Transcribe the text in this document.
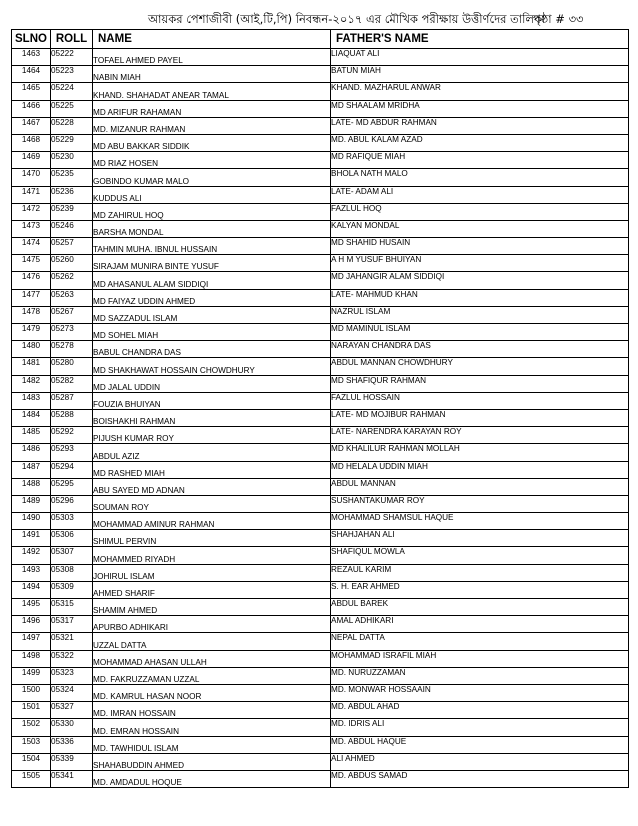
আয়কর পেশাজীবী (আই,টি,পি) নিবন্ধন-২০১৭ এর মৌখিক পরীক্ষায় উত্তীর্ণদের তালিকা
পৃষ্ঠা # ৩৩
SLNO	ROLL	NAME	FATHER'S NAME
1463	05222	TOFAEL AHMED PAYEL	LIAQUAT ALI
1464	05223	NABIN MIAH	BATUN MIAH
1465	05224	KHAND. SHAHADAT ANEAR TAMAL	KHAND. MAZHARUL ANWAR
1466	05225	MD ARIFUR RAHAMAN	MD SHAALAM MRIDHA
1467	05228	MD. MIZANUR RAHMAN	LATE- MD ABDUR RAHMAN
1468	05229	MD ABU BAKKAR SIDDIK	MD. ABUL KALAM AZAD
1469	05230	MD RIAZ HOSEN	MD RAFIQUE MIAH
1470	05235	GOBINDO KUMAR MALO	BHOLA NATH MALO
1471	05236	KUDDUS ALI	LATE- ADAM ALI
1472	05239	MD ZAHIRUL HOQ	FAZLUL HOQ
1473	05246	BARSHA MONDAL	KALYAN MONDAL
1474	05257	TAHMIN MUHA. IBNUL HUSSAIN	MD SHAHID HUSAIN
1475	05260	SIRAJAM MUNIRA BINTE YUSUF	A H M YUSUF BHUIYAN
1476	05262	MD AHASANUL ALAM SIDDIQI	MD JAHANGIR ALAM SIDDIQI
1477	05263	MD FAIYAZ UDDIN AHMED	LATE- MAHMUD KHAN
1478	05267	MD SAZZADUL ISLAM	NAZRUL ISLAM
1479	05273	MD SOHEL MIAH	MD MAMINUL ISLAM
1480	05278	BABUL CHANDRA DAS	NARAYAN CHANDRA DAS
1481	05280	MD SHAKHAWAT HOSSAIN CHOWDHURY	ABDUL MANNAN CHOWDHURY
1482	05282	MD JALAL UDDIN	MD SHAFIQUR RAHMAN
1483	05287	FOUZIA BHUIYAN	FAZLUL HOSSAIN
1484	05288	BOISHAKHI RAHMAN	LATE- MD MOJIBUR RAHMAN
1485	05292	PIJUSH KUMAR ROY	LATE- NARENDRA KARAYAN ROY
1486	05293	ABDUL AZIZ	MD KHALILUR RAHMAN MOLLAH
1487	05294	MD RASHED MIAH	MD HELALA UDDIN MIAH
1488	05295	ABU SAYED MD ADNAN	ABDUL MANNAN
1489	05296	SOUMAN ROY	SUSHANTAKUMAR ROY
1490	05303	MOHAMMAD AMINUR RAHMAN	MOHAMMAD SHAMSUL HAQUE
1491	05306	SHIMUL PERVIN	SHAHJAHAN ALI
1492	05307	MOHAMMED RIYADH	SHAFIQUL MOWLA
1493	05308	JOHIRUL ISLAM	REZAUL KARIM
1494	05309	AHMED SHARIF	S. H. EAR AHMED
1495	05315	SHAMIM AHMED	ABDUL BAREK
1496	05317	APURBO ADHIKARI	AMAL ADHIKARI
1497	05321	UZZAL DATTA	NEPAL DATTA
1498	05322	MOHAMMAD AHASAN ULLAH	MOHAMMAD ISRAFIL MIAH
1499	05323	MD. FAKRUZZAMAN UZZAL	MD. NURUZZAMAN
1500	05324	MD. KAMRUL HASAN NOOR	MD. MONWAR HOSSAAIN
1501	05327	MD. IMRAN HOSSAIN	MD. ABDUL AHAD
1502	05330	MD. EMRAN HOSSAIN	MD. IDRIS ALI
1503	05336	MD. TAWHIDUL ISLAM	MD. ABDUL HAQUE
1504	05339	SHAHABUDDIN AHMED	ALI AHMED
1505	05341	MD. AMDADUL HOQUE	MD. ABDUS SAMAD
